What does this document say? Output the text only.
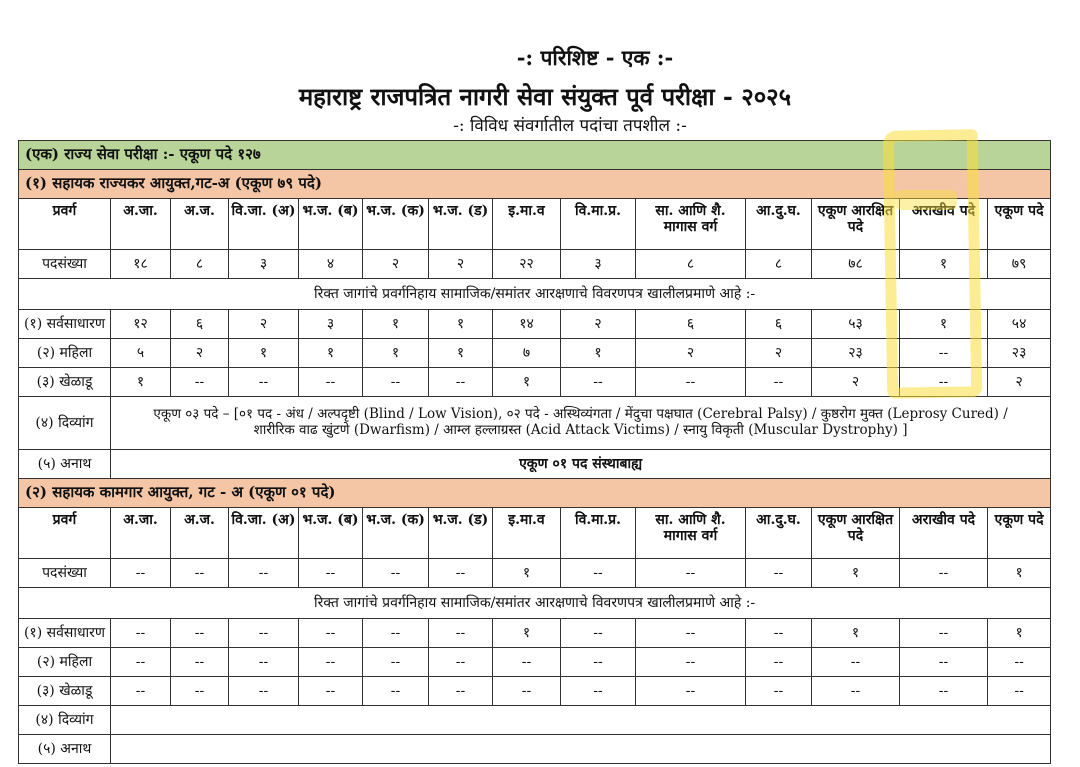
-: परिशिष्ट - एक :-
महाराष्ट्र राजपत्रित नागरी सेवा संयुक्त पूर्व परीक्षा - २०२५
-: विविध संवर्गातील पदांचा तपशील :-
(एक) राज्य सेवा परीक्षा :- एकूण पदे १२७													
(१) सहायक राज्यकर आयुक्त,गट-अ (एकूण ७९ पदे)													
प्रवर्ग	अ.जा.	अ.ज.	वि.जा. (अ)	भ.ज. (ब)	भ.ज. (क)	भ.ज. (ड)	इ.मा.व	वि.मा.प्र.	सा. आणि शै. मागास वर्ग	आ.दु.घ.	एकूण आरक्षित पदे	अराखीव पदे	एकूण पदे
पदसंख्या	१८	८	३	४	२	२	२२	३	८	८	७८	१	७९
रिक्त जागांचे प्रवर्गनिहाय सामाजिक/समांतर आरक्षणाचे विवरणपत्र खालीलप्रमाणे आहे :-													
(१) सर्वसाधारण	१२	६	२	३	१	१	१४	२	६	६	५३	१	५४
(२) महिला	५	२	१	१	१	१	७	१	२	२	२३	--	२३
(३) खेळाडू	१	--	--	--	--	--	१	--	--	--	२	--	२
(४) दिव्यांग	एकूण ०३ पदे – [०१ पद - अंध / अल्पदृष्टी (Blind / Low Vision), ०२ पदे - अस्थिव्यंगता / मेंदुचा पक्षघात (Cerebral Palsy) / कुष्ठरोग मुक्त (Leprosy Cured) /
शारीरिक वाढ खुंटणे (Dwarfism) / आम्ल हल्लाग्रस्त (Acid Attack Victims) / स्नायु विकृती (Muscular Dystrophy) ]												

(५) अनाथ	एकूण ०१ पद संस्थाबाह्य												
(२) सहायक कामगार आयुक्त, गट - अ (एकूण ०१ पदे)													
प्रवर्ग	अ.जा.	अ.ज.	वि.जा. (अ)	भ.ज. (ब)	भ.ज. (क)	भ.ज. (ड)	इ.मा.व	वि.मा.प्र.	सा. आणि शै. मागास वर्ग	आ.दु.घ.	एकूण आरक्षित पदे	अराखीव पदे	एकूण पदे
पदसंख्या	--	--	--	--	--	--	१	--	--	--	१	--	१
रिक्त जागांचे प्रवर्गनिहाय सामाजिक/समांतर आरक्षणाचे विवरणपत्र खालीलप्रमाणे आहे :-													
(१) सर्वसाधारण	--	--	--	--	--	--	१	--	--	--	१	--	१
(२) महिला	--	--	--	--	--	--	--	--	--	--	--	--	--
(३) खेळाडू	--	--	--	--	--	--	--	--	--	--	--	--	--
(४) दिव्यांग													
(५) अनाथ													
